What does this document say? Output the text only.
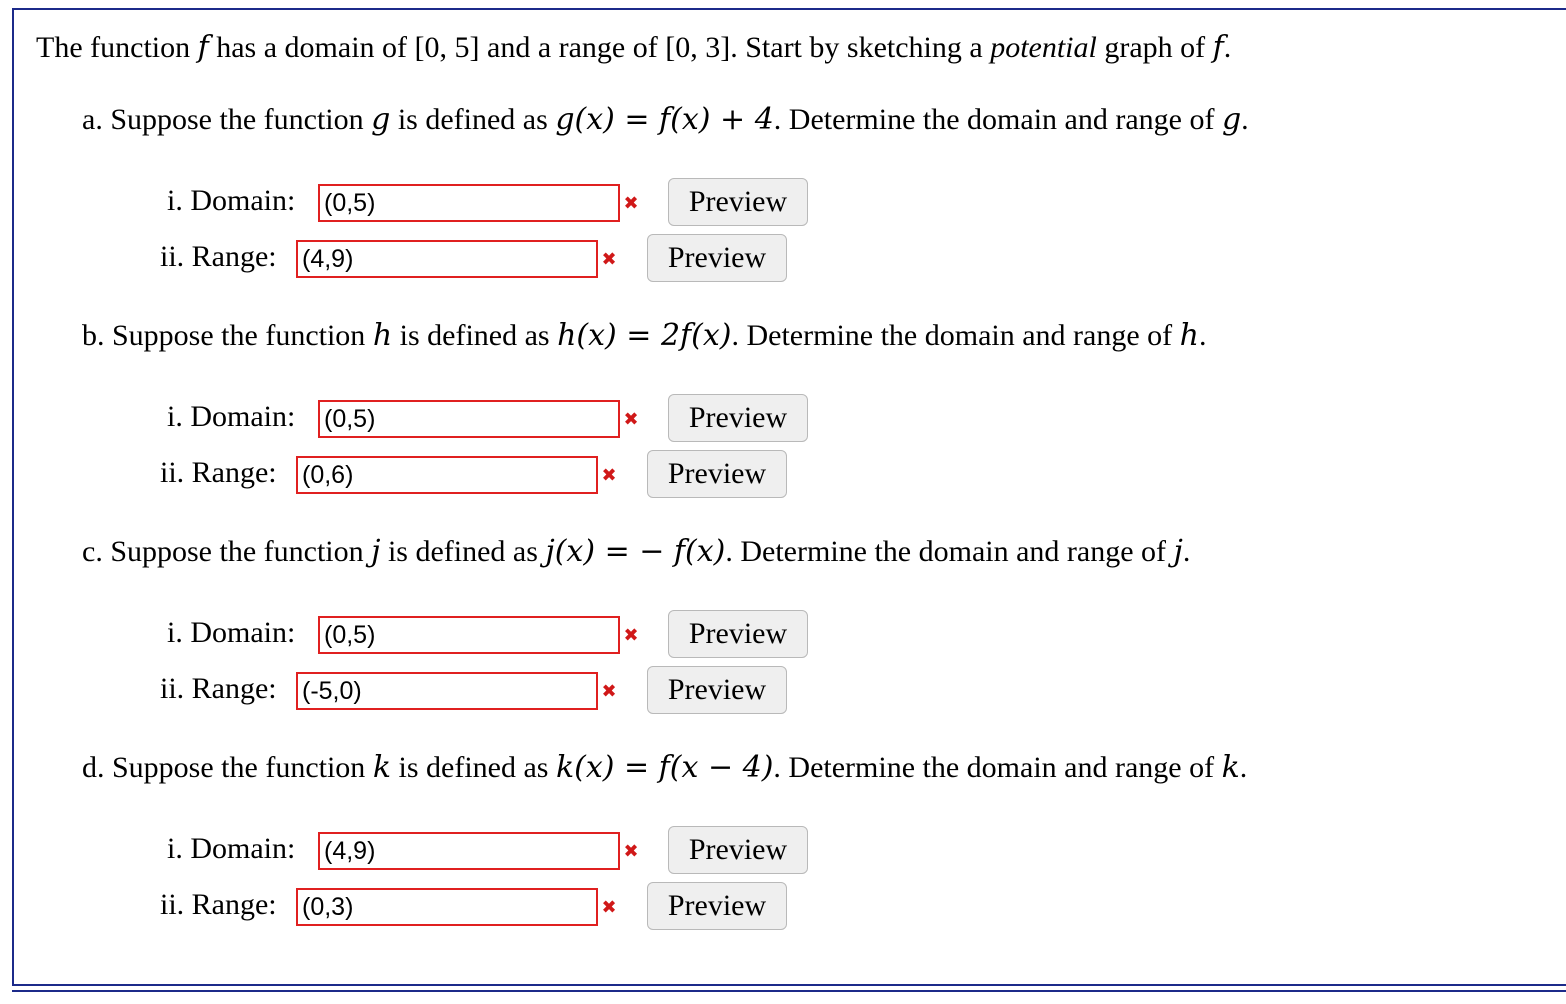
The function f has a domain of [0, 5] and a range of [0, 3]. Start by sketching a potential graph of f.
a. Suppose the function g is defined as g(x) = f(x) + 4. Determine the domain and range of g.
i. Domain:
(0,5)	✖	Preview
ii. Range:
(4,9)	✖	Preview
b. Suppose the function h is defined as h(x) = 2f(x). Determine the domain and range of h.
i. Domain:
(0,5)	✖	Preview
ii. Range:
(0,6)	✖	Preview
c. Suppose the function j is defined as j(x) = − f(x). Determine the domain and range of j.
i. Domain:
(0,5)	✖	Preview
ii. Range:
(-5,0)	✖	Preview
d. Suppose the function k is defined as k(x) = f(x − 4). Determine the domain and range of k.
i. Domain:
(4,9)	✖	Preview
ii. Range:
(0,3)	✖	Preview
